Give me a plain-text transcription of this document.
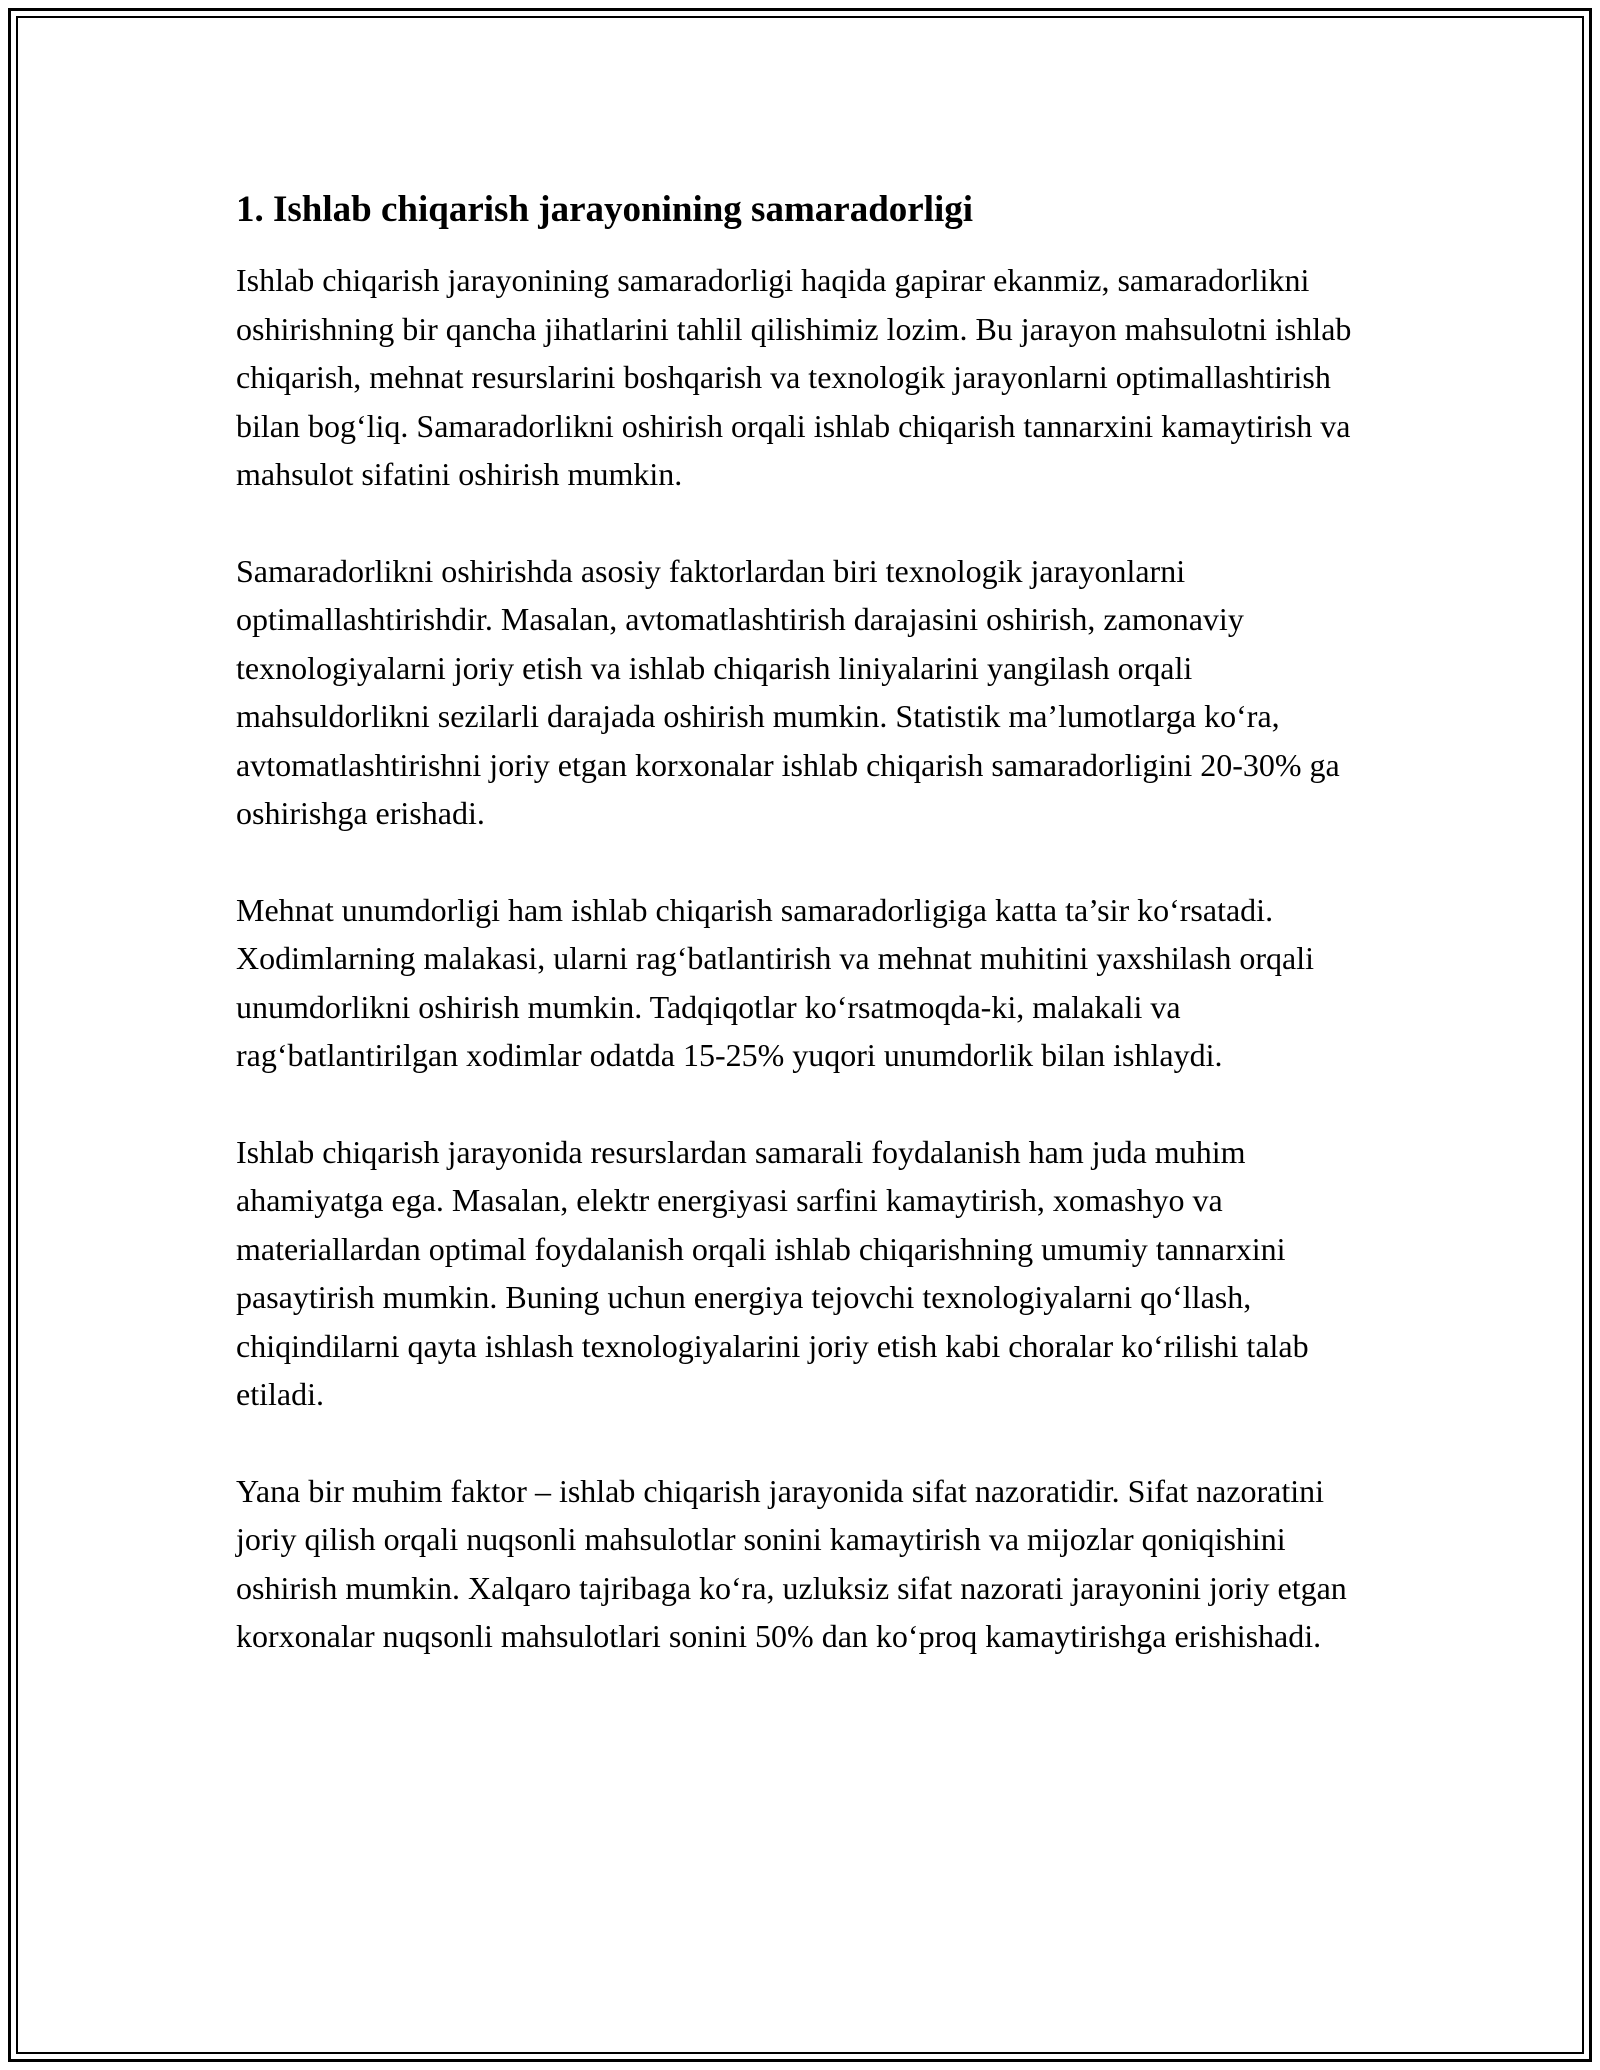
1. Ishlab chiqarish jarayonining samaradorligi

Ishlab chiqarish jarayonining samaradorligi haqida gapirar ekanmiz, samaradorlikni oshirishning bir qancha jihatlarini tahlil qilishimiz lozim. Bu jarayon mahsulotni ishlab chiqarish, mehnat resurslarini boshqarish va texnologik jarayonlarni optimallashtirish bilan bog‘liq. Samaradorlikni oshirish orqali ishlab chiqarish tannarxini kamaytirish va mahsulot sifatini oshirish mumkin.

Samaradorlikni oshirishda asosiy faktorlardan biri texnologik jarayonlarni optimallashtirishdir. Masalan, avtomatlashtirish darajasini oshirish, zamonaviy texnologiyalarni joriy etish va ishlab chiqarish liniyalarini yangilash orqali mahsuldorlikni sezilarli darajada oshirish mumkin. Statistik ma’lumotlarga ko‘ra, avtomatlashtirishni joriy etgan korxonalar ishlab chiqarish samaradorligini 20-30% ga oshirishga erishadi.

Mehnat unumdorligi ham ishlab chiqarish samaradorligiga katta ta’sir ko‘rsatadi. Xodimlarning malakasi, ularni rag‘batlantirish va mehnat muhitini yaxshilash orqali unumdorlikni oshirish mumkin. Tadqiqotlar ko‘rsatmoqda-ki, malakali va rag‘batlantirilgan xodimlar odatda 15-25% yuqori unumdorlik bilan ishlaydi.

Ishlab chiqarish jarayonida resurslardan samarali foydalanish ham juda muhim ahamiyatga ega. Masalan, elektr energiyasi sarfini kamaytirish, xomashyo va materiallardan optimal foydalanish orqali ishlab chiqarishning umumiy tannarxini pasaytirish mumkin. Buning uchun energiya tejovchi texnologiyalarni qo‘llash, chiqindilarni qayta ishlash texnologiyalarini joriy etish kabi choralar ko‘rilishi talab etiladi.

Yana bir muhim faktor – ishlab chiqarish jarayonida sifat nazoratidir. Sifat nazoratini joriy qilish orqali nuqsonli mahsulotlar sonini kamaytirish va mijozlar qoniqishini oshirish mumkin. Xalqaro tajribaga ko‘ra, uzluksiz sifat nazorati jarayonini joriy etgan korxonalar nuqsonli mahsulotlari sonini 50% dan ko‘proq kamaytirishga erishishadi.
